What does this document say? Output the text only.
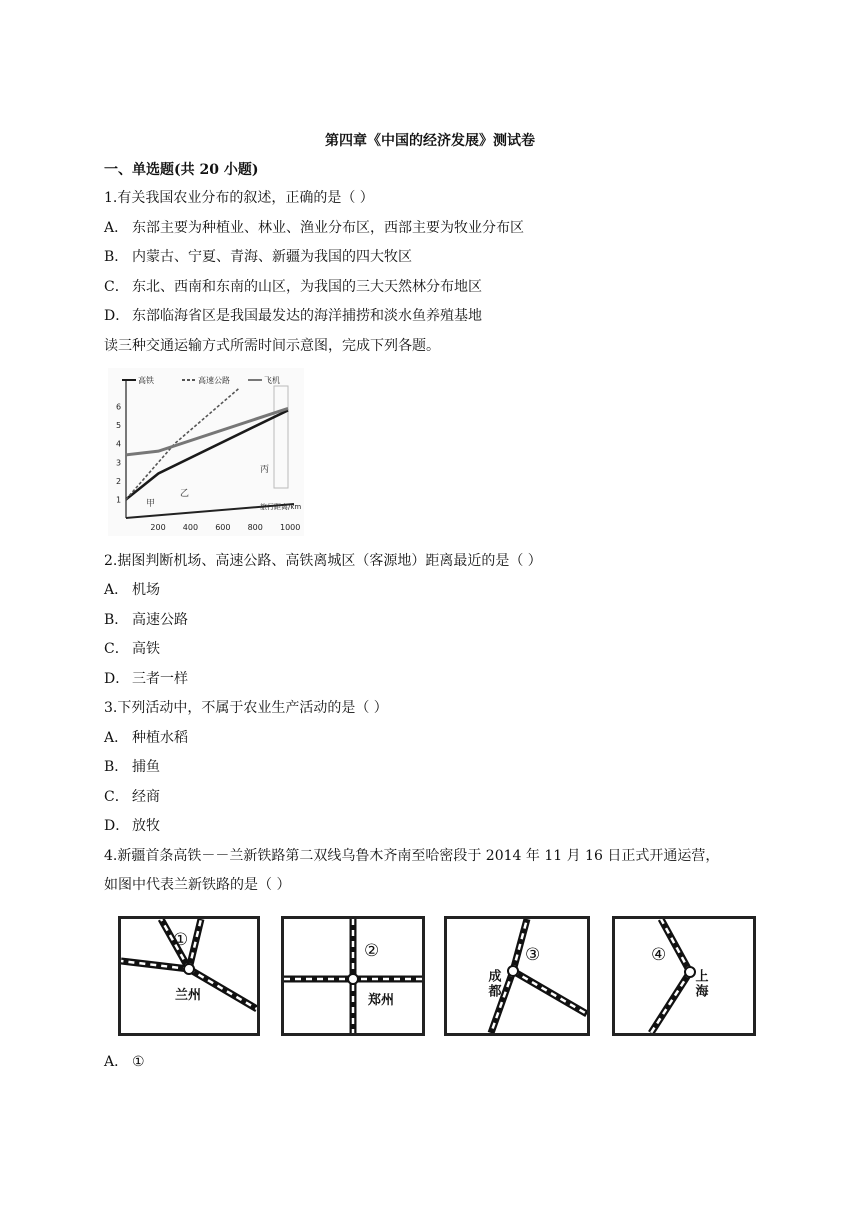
第四章《中国的经济发展》测试卷
一、单选题(共 20 小题)
1.有关我国农业分布的叙述，正确的是（ ）
A． 东部主要为种植业、林业、渔业分布区，西部主要为牧业分布区
B． 内蒙古、宁夏、青海、新疆为我国的四大牧区
C． 东北、西南和东南的山区，为我国的三大天然林分布地区
D． 东部临海省区是我国最发达的海洋捕捞和淡水鱼养殖基地
读三种交通运输方式所需时间示意图，完成下列各题。
高铁	高速公路	飞机
200 400 600 800 1000
1
2
3
4
5
6
甲
乙
丙
旅行距离/km
2.据图判断机场、高速公路、高铁离城区（客源地）距离最近的是（ ）
A． 机场
B． 高速公路
C． 高铁
D． 三者一样
3.下列活动中，不属于农业生产活动的是（ ）
A． 种植水稻
B． 捕鱼
C． 经商
D． 放牧
4.新疆首条高铁－－兰新铁路第二双线乌鲁木齐南至哈密段于 2014 年 11 月 16 日正式开通运营，
如图中代表兰新铁路的是（ ）
①
兰州
②
郑州
③
成都
④
上海
A． ①
